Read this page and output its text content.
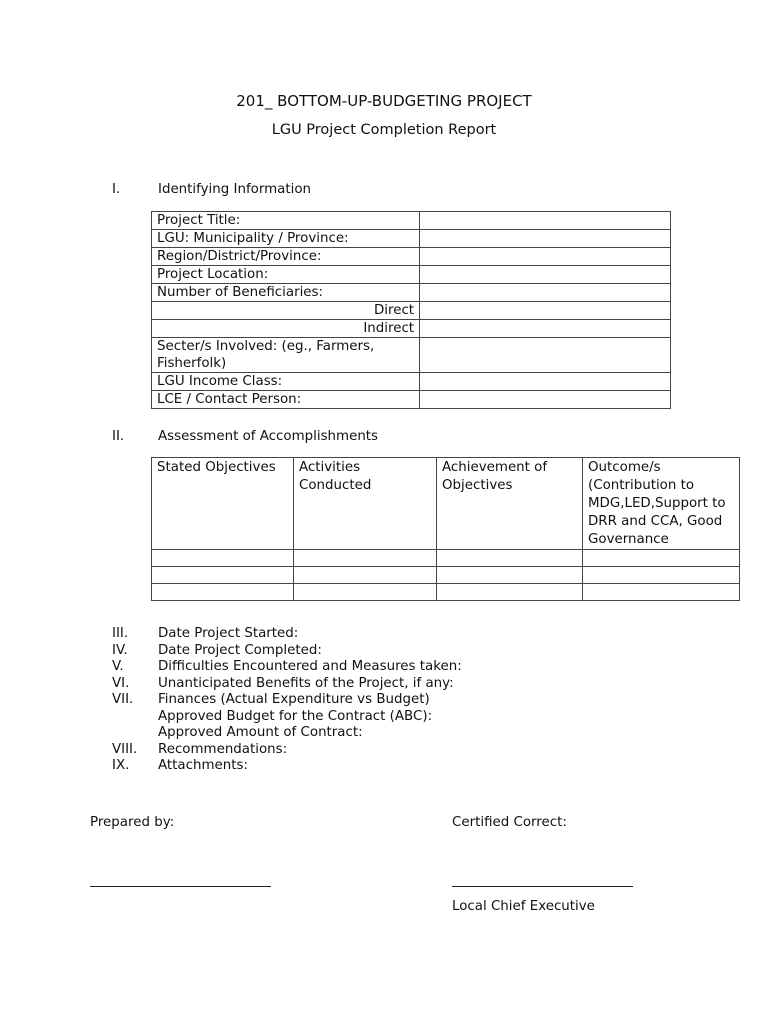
201_ BOTTOM-UP-BUDGETING PROJECT
LGU Project Completion Report
I.	Identifying Information
Project Title:	
LGU: Municipality / Province:	
Region/District/Province:	
Project Location:	
Number of Beneficiaries:	
Direct	
Indirect	
Secter/s Involved: (eg., Farmers, Fisherfolk)	
LGU Income Class:	
LCE / Contact Person:	
II.	Assessment of Accomplishments
Stated Objectives	Activities Conducted	Achievement of Objectives	Outcome/s (Contribution to MDG,LED,Support to DRR and CCA, Good Governance

III.	Date Project Started:
IV.	Date Project Completed:
V.	Difficulties Encountered and Measures taken:
VI.	Unanticipated Benefits of the Project, if any:
VII.	Finances (Actual Expenditure vs Budget)
Approved Budget for the Contract (ABC):
Approved Amount of Contract:
VIII.	Recommendations:
IX.	Attachments:
Prepared by:	Certified Correct:
Local Chief Executive
